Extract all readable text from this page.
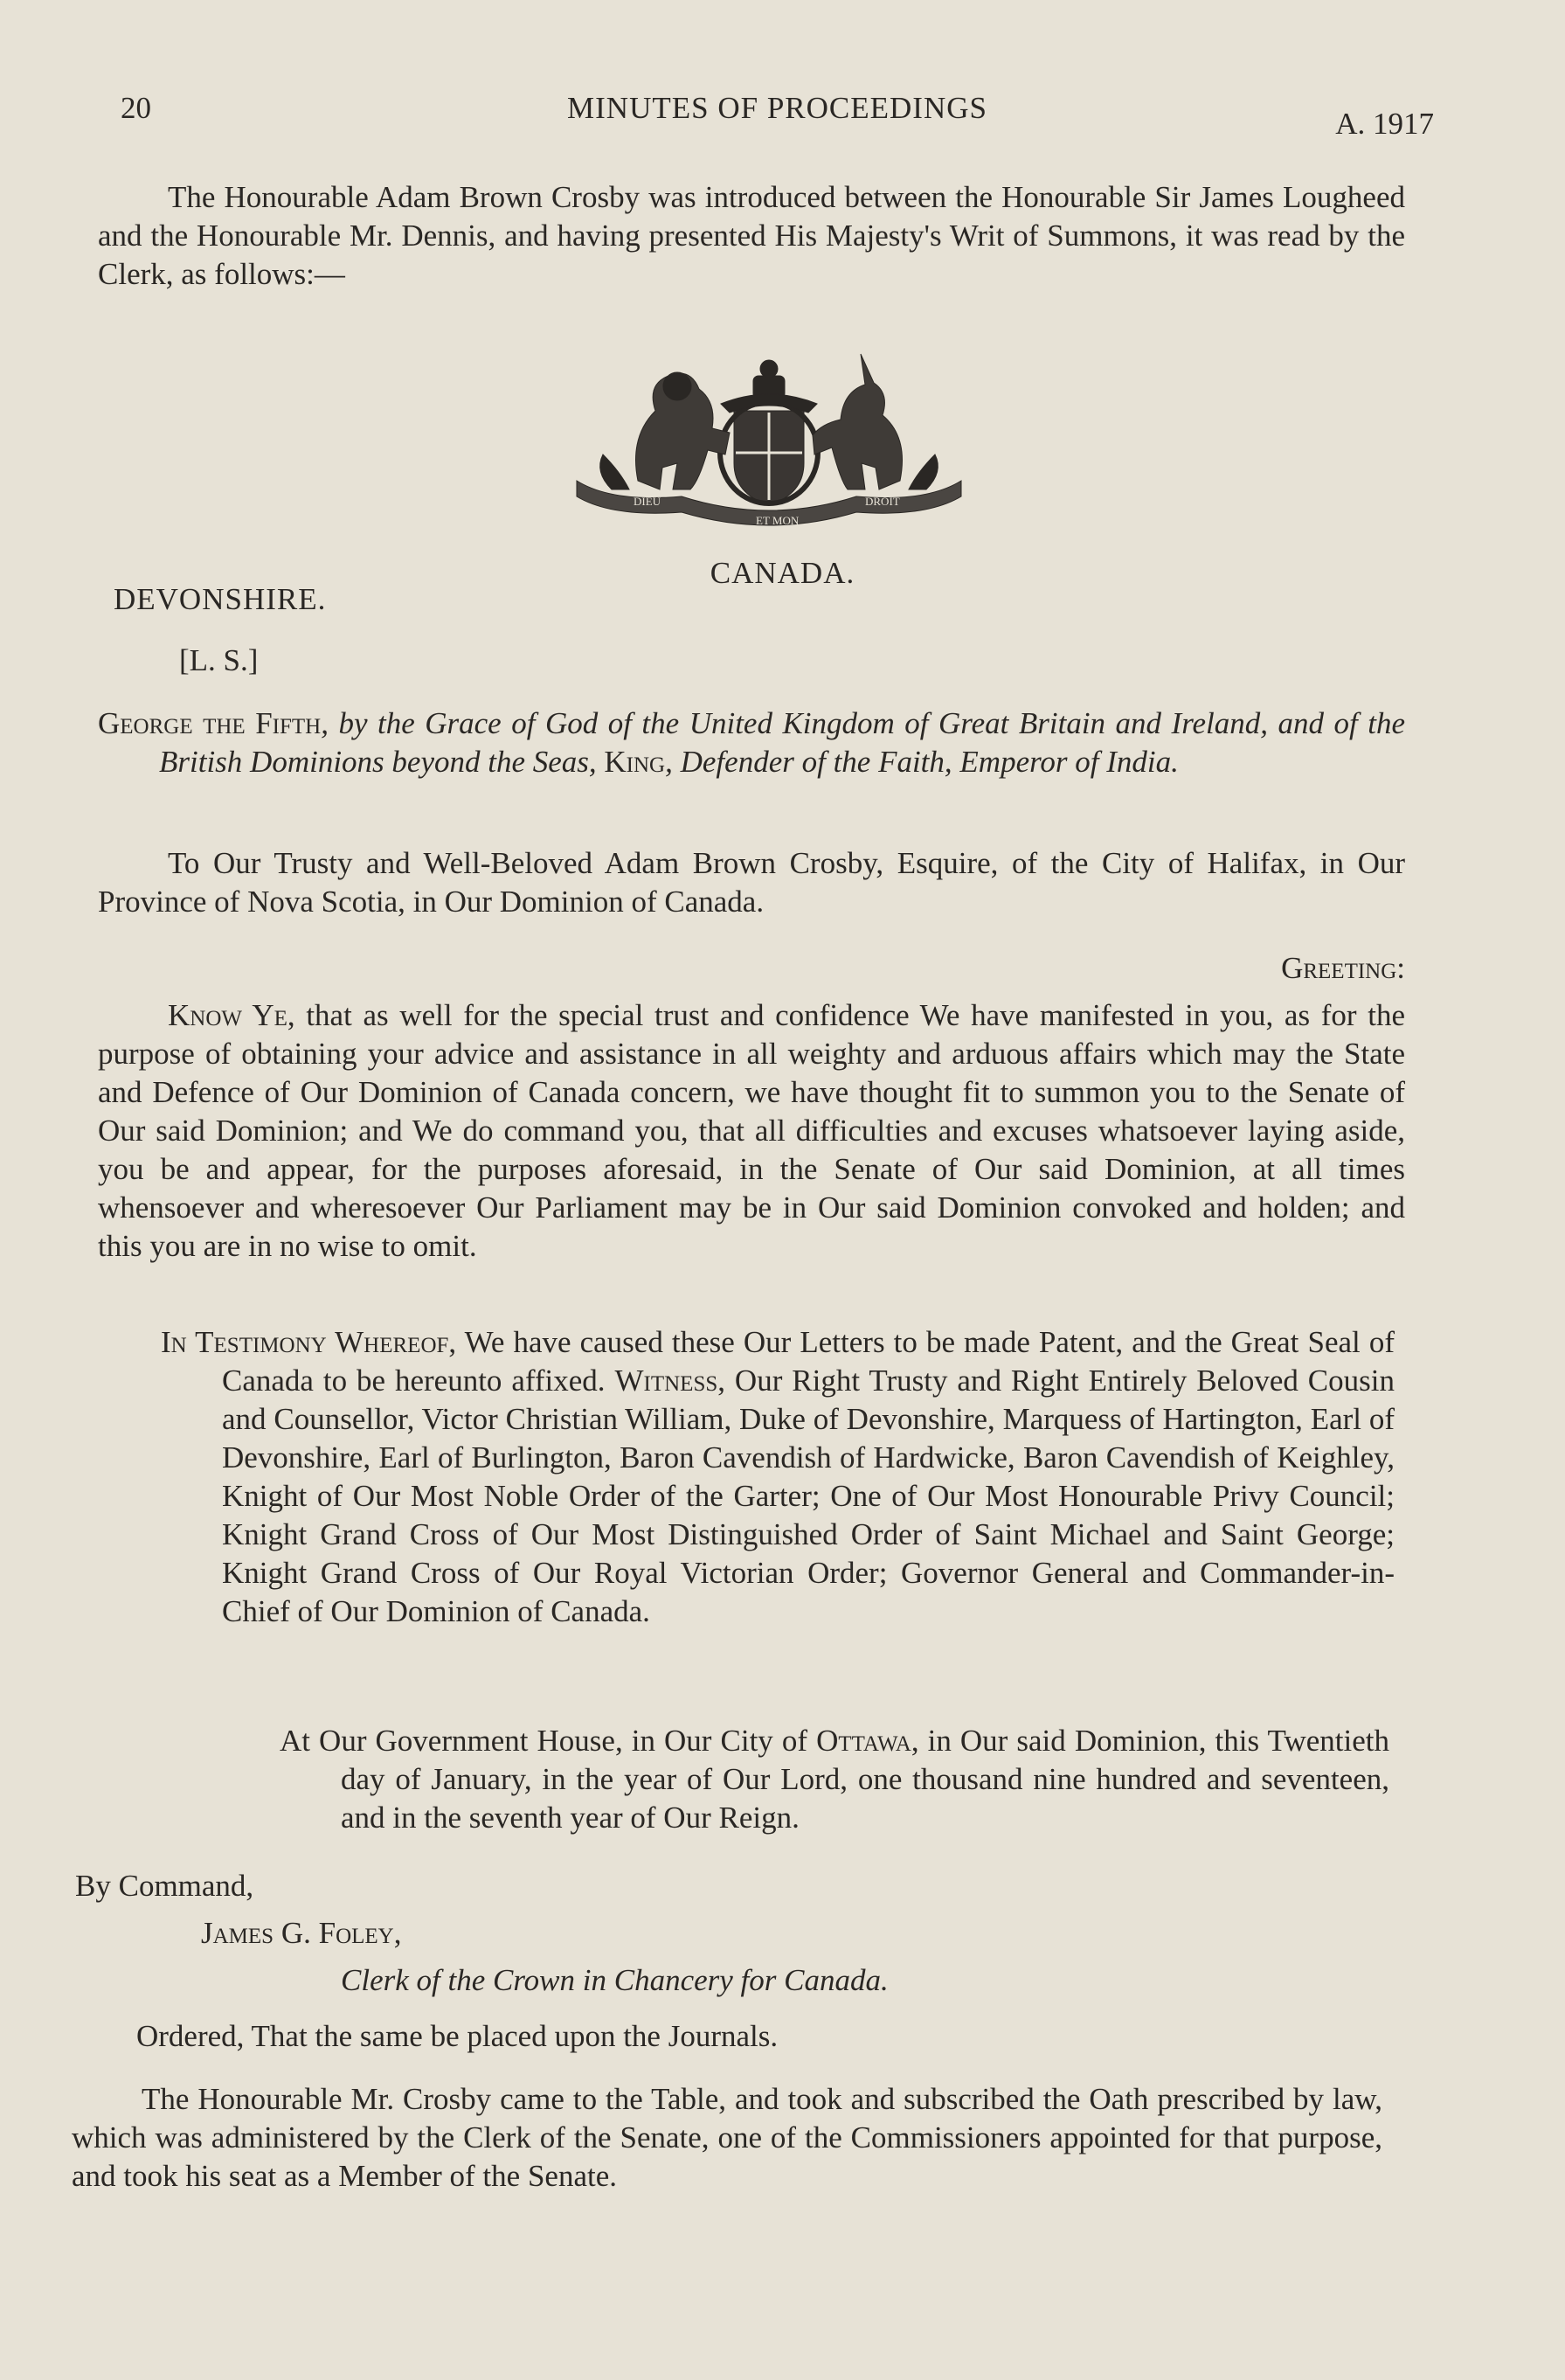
20	MINUTES OF PROCEEDINGS	A. 1917

The Honourable Adam Brown Crosby was introduced between the Honourable Sir James Lougheed and the Honourable Mr. Dennis, and having presented His Majesty's Writ of Summons, it was read by the Clerk, as follows:—

DIEU
ET MON
DROIT
CANADA.
DEVONSHIRE.
[L. S.]

George the Fifth, by the Grace of God of the United Kingdom of Great Britain and Ireland, and of the British Dominions beyond the Seas, King, Defender of the Faith, Emperor of India.

To Our Trusty and Well-Beloved Adam Brown Crosby, Esquire, of the City of Halifax, in Our Province of Nova Scotia, in Our Dominion of Canada.

Greeting:

Know Ye, that as well for the special trust and confidence We have manifested in you, as for the purpose of obtaining your advice and assistance in all weighty and arduous affairs which may the State and Defence of Our Dominion of Canada concern, we have thought fit to summon you to the Senate of Our said Dominion; and We do command you, that all difficulties and excuses whatsoever laying aside, you be and appear, for the purposes aforesaid, in the Senate of Our said Dominion, at all times whensoever and wheresoever Our Parliament may be in Our said Dominion convoked and holden; and this you are in no wise to omit.

In Testimony Whereof, We have caused these Our Letters to be made Patent, and the Great Seal of Canada to be hereunto affixed. Witness, Our Right Trusty and Right Entirely Beloved Cousin and Counsellor, Victor Christian William, Duke of Devonshire, Marquess of Hartington, Earl of Devonshire, Earl of Burlington, Baron Cavendish of Hardwicke, Baron Cavendish of Keighley, Knight of Our Most Noble Order of the Garter; One of Our Most Honourable Privy Council; Knight Grand Cross of Our Most Distinguished Order of Saint Michael and Saint George; Knight Grand Cross of Our Royal Victorian Order; Governor General and Commander-in-Chief of Our Dominion of Canada.

At Our Government House, in Our City of Ottawa, in Our said Dominion, this Twentieth day of January, in the year of Our Lord, one thousand nine hundred and seventeen, and in the seventh year of Our Reign.

By Command,
James G. Foley,
Clerk of the Crown in Chancery for Canada.

Ordered, That the same be placed upon the Journals.

The Honourable Mr. Crosby came to the Table, and took and subscribed the Oath prescribed by law, which was administered by the Clerk of the Senate, one of the Commissioners appointed for that purpose, and took his seat as a Member of the Senate.
